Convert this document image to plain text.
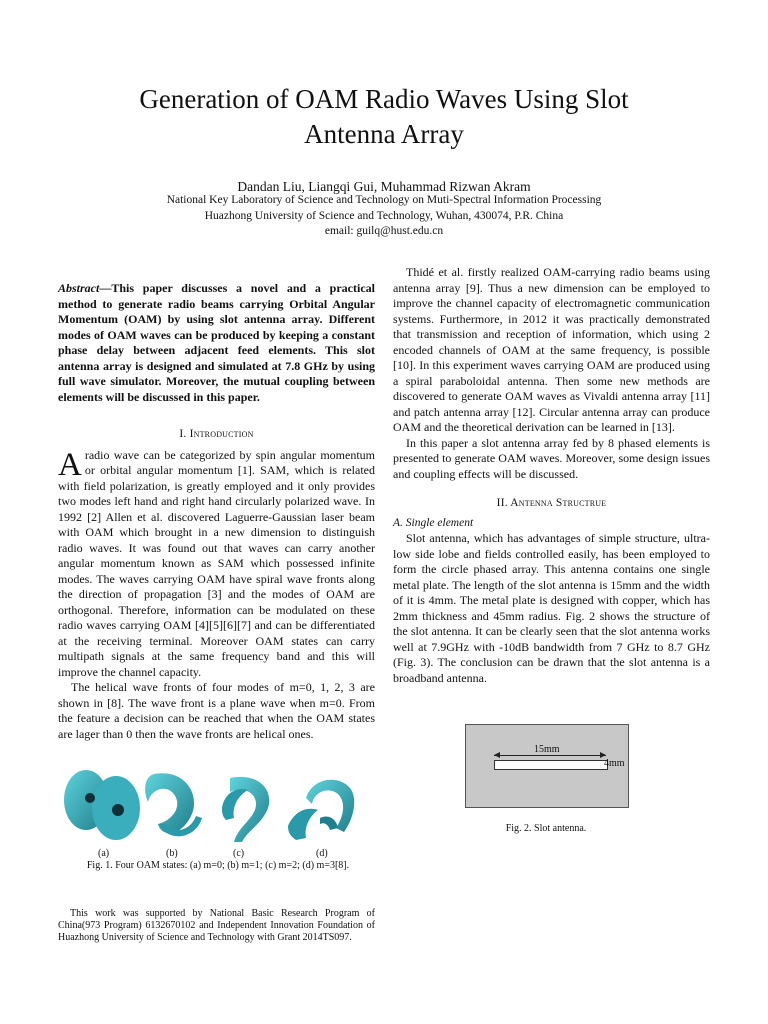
Generation of OAM Radio Waves Using Slot
Antenna Array
Dandan Liu, Liangqi Gui, Muhammad Rizwan Akram
National Key Laboratory of Science and Technology on Muti-Spectral Information Processing
Huazhong University of Science and Technology, Wuhan, 430074, P.R. China
email: guilq@hust.edu.cn

Abstract—This paper discusses a novel and a practical method to generate radio beams carrying Orbital Angular Momentum (OAM) by using slot antenna array. Different modes of OAM waves can be produced by keeping a constant phase delay between adjacent feed elements. This slot antenna array is designed and simulated at 7.8 GHz by using full wave simulator. Moreover, the mutual coupling between elements will be discussed in this paper.

I. Introduction

Aradio wave can be categorized by spin angular momentum or orbital angular momentum [1]. SAM, which is related with field polarization, is greatly employed and it only provides two modes left hand and right hand circularly polarized wave. In 1992 [2] Allen et al. discovered Laguerre-Gaussian laser beam with OAM which brought in a new dimension to distinguish radio waves. It was found out that waves can carry another angular momentum known as SAM which possessed infinite modes. The waves carrying OAM have spiral wave fronts along the direction of propagation [3] and the modes of OAM are orthogonal. Therefore, information can be modulated on these radio waves carrying OAM [4][5][6][7] and can be differentiated at the receiving terminal. Moreover OAM states can carry multipath signals at the same frequency band and this will improve the channel capacity.

The helical wave fronts of four modes of m=0, 1, 2, 3 are shown in [8]. The wave front is a plane wave when m=0. From the feature a decision can be reached that when the OAM states are lager than 0 then the wave fronts are helical ones.

(a)	(b)	(c)	(d)
Fig. 1. Four OAM states: (a) m=0; (b) m=1; (c) m=2; (d) m=3[8].
This work was supported by National Basic Research Program of China(973 Program) 6132670102 and Independent Innovation Foundation of Huazhong University of Science and Technology with Grant 2014TS097.

Thidé et al. firstly realized OAM-carrying radio beams using antenna array [9]. Thus a new dimension can be employed to improve the channel capacity of electromagnetic communication systems. Furthermore, in 2012 it was practically demonstrated that transmission and reception of information, which using 2 encoded channels of OAM at the same frequency, is possible [10]. In this experiment waves carrying OAM are produced using a spiral paraboloidal antenna. Then some new methods are discovered to generate OAM waves as Vivaldi antenna array [11] and patch antenna array [12]. Circular antenna array can produce OAM and the theoretical derivation can be learned in [13].

In this paper a slot antenna array fed by 8 phased elements is presented to generate OAM waves. Moreover, some design issues and coupling effects will be discussed.

II. Antenna Structrue

A. Single element

Slot antenna, which has advantages of simple structure, ultra-low side lobe and fields controlled easily, has been employed to form the circle phased array. This antenna contains one single metal plate. The length of the slot antenna is 15mm and the width of it is 4mm. The metal plate is designed with copper, which has 2mm thickness and 45mm radius. Fig. 2 shows the structure of the slot antenna. It can be clearly seen that the slot antenna works well at 7.9GHz with -10dB bandwidth from 7 GHz to 8.7 GHz (Fig. 3). The conclusion can be drawn that the slot antenna is a broadband antenna.

15mm
4mm
Fig. 2. Slot antenna.
